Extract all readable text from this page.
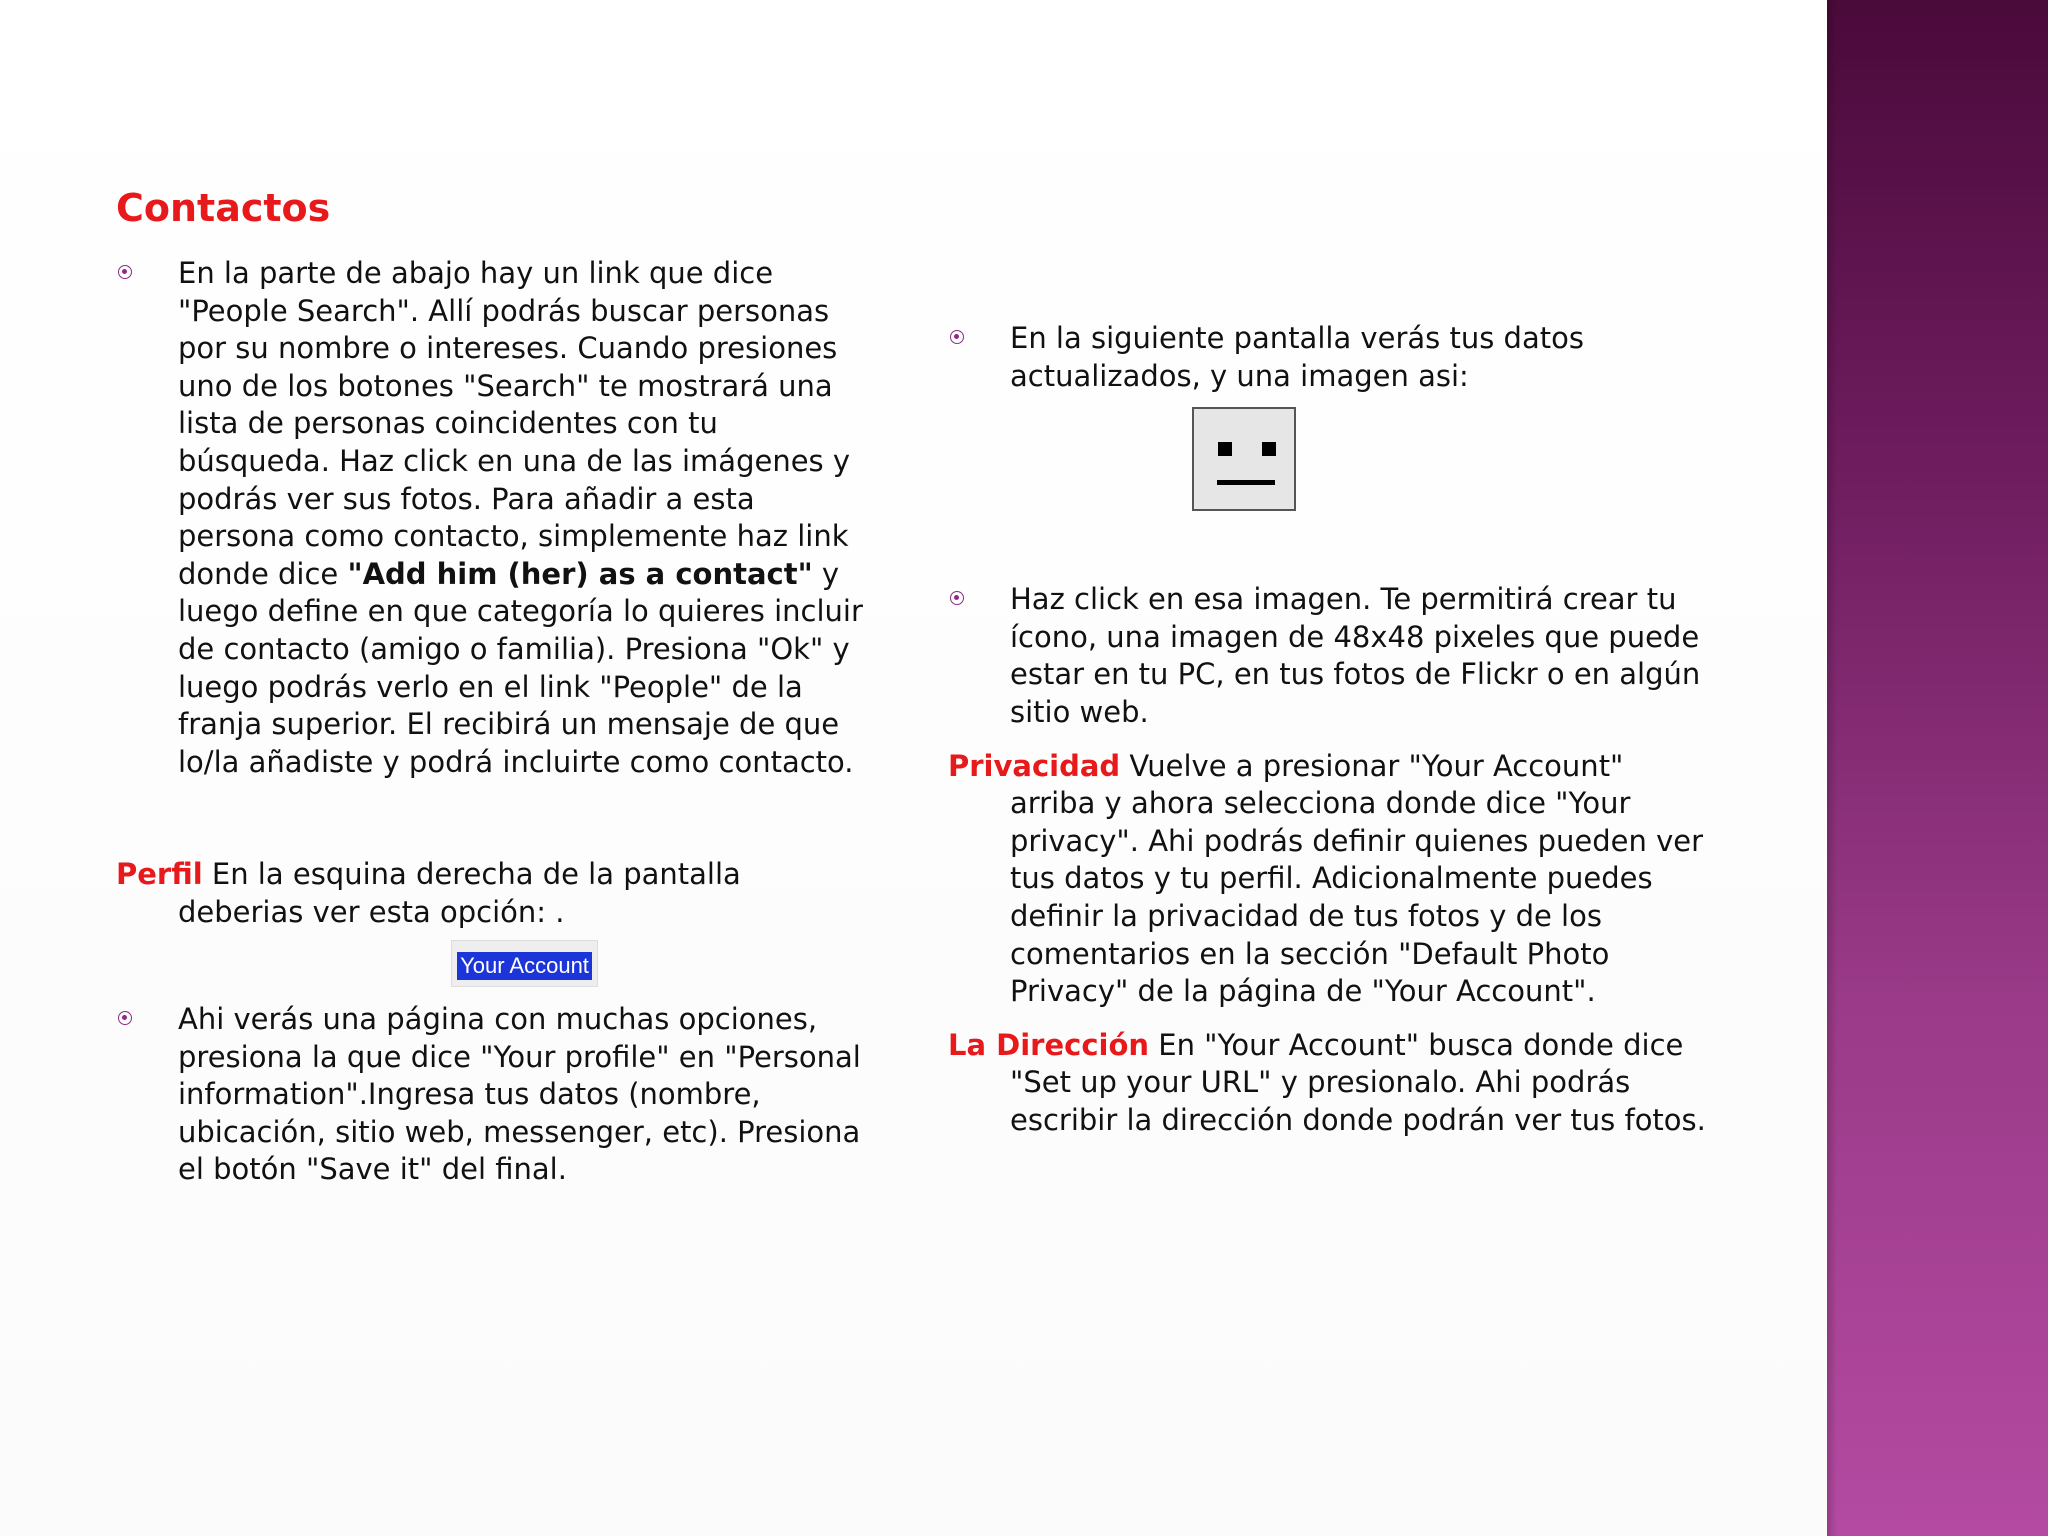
Contactos

En la parte de abajo hay un link que dice "People Search". Allí podrás buscar personas por su nombre o intereses. Cuando presiones uno de los botones "Search" te mostrará una lista de personas coincidentes con tu búsqueda. Haz click en una de las imágenes y podrás ver sus fotos. Para añadir a esta persona como contacto, simplemente haz link donde dice "Add him (her) as a contact" y luego define en que categoría lo quieres incluir de contacto (amigo o familia). Presiona "Ok" y luego podrás verlo en el link "People" de la franja superior. El recibirá un mensaje de que lo/la añadiste y podrá incluirte como contacto.

Perfil En la esquina derecha de la pantalla deberias ver esta opción: .

Your Account

Ahi verás una página con muchas opciones, presiona la que dice "Your profile" en "Personal information".Ingresa tus datos (nombre, ubicación, sitio web, messenger, etc). Presiona el botón "Save it" del final.

En la siguiente pantalla verás tus datos actualizados, y una imagen asi:

Haz click en esa imagen. Te permitirá crear tu ícono, una imagen de 48x48 pixeles que puede estar en tu PC, en tus fotos de Flickr o en algún sitio web.

Privacidad Vuelve a presionar "Your Account" arriba y ahora selecciona donde dice "Your privacy". Ahi podrás definir quienes pueden ver tus datos y tu perfil. Adicionalmente puedes definir la privacidad de tus fotos y de los comentarios en la sección "Default Photo Privacy" de la página de "Your Account".

La Dirección En "Your Account" busca donde dice "Set up your URL" y presionalo. Ahi podrás escribir la dirección donde podrán ver tus fotos.
